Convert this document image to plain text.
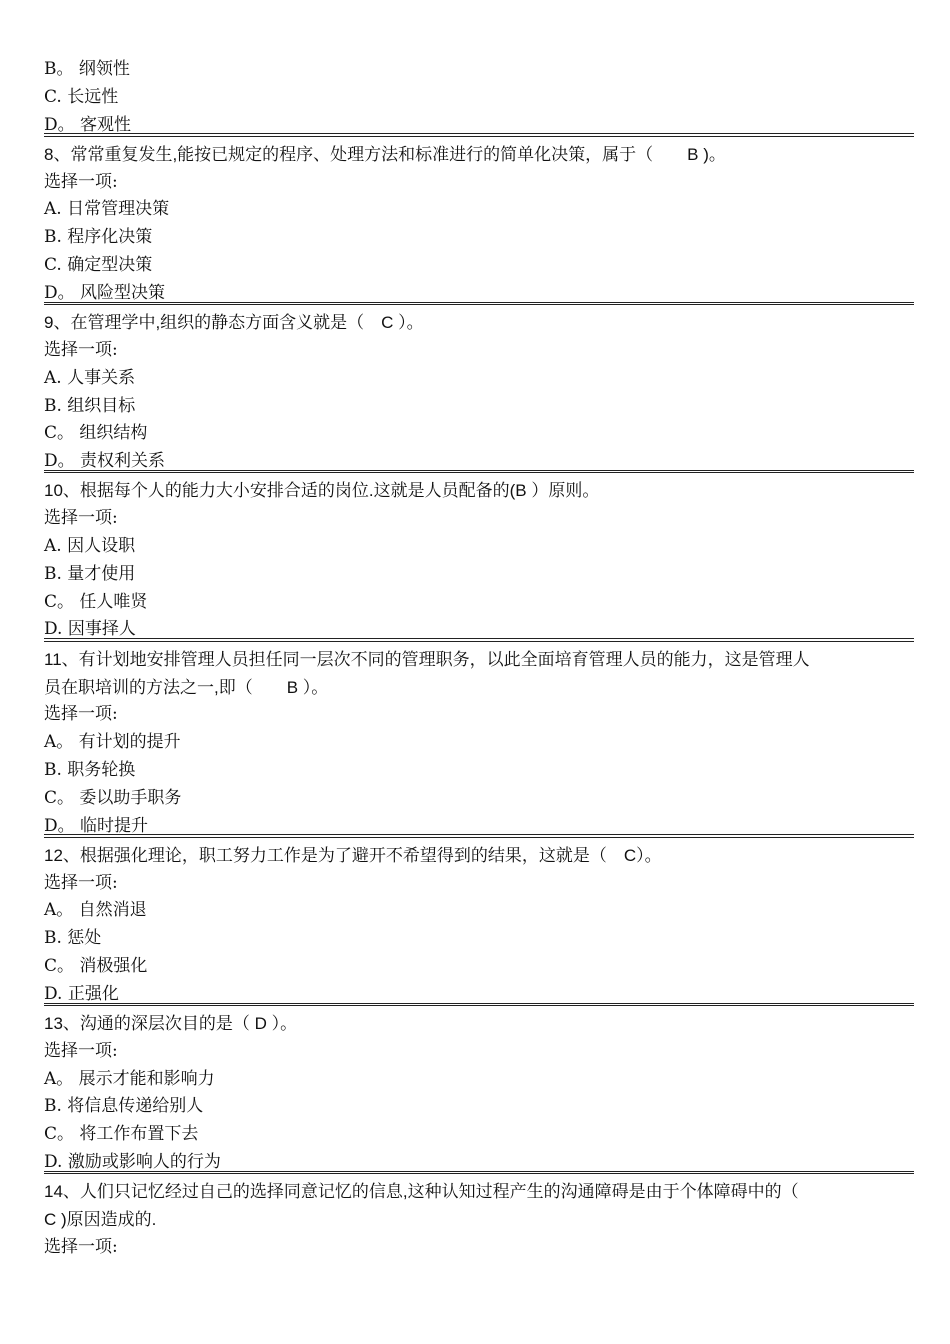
B。 纲领性
C. 长远性
D。 客观性
8、常常重复发生,能按已规定的程序、处理方法和标准进行的简单化决策，属于（　　B )。
选择一项:
A. 日常管理决策
B. 程序化决策
C. 确定型决策
D。 风险型决策
9、在管理学中,组织的静态方面含义就是（　C ）。
选择一项:
A. 人事关系
B. 组织目标
C。 组织结构
D。 责权利关系
10、根据每个人的能力大小安排合适的岗位.这就是人员配备的(B ）原则。
选择一项:
A. 因人设职
B. 量才使用
C。 任人唯贤
D. 因事择人
11、有计划地安排管理人员担任同一层次不同的管理职务，以此全面培育管理人员的能力，这是管理人
员在职培训的方法之一,即（　　B ）。
选择一项:
A。 有计划的提升
B. 职务轮换
C。 委以助手职务
D。 临时提升
12、根据强化理论，职工努力工作是为了避开不希望得到的结果，这就是（　C）。
选择一项:
A。 自然消退
B. 惩处
C。 消极强化
D. 正强化
13、沟通的深层次目的是（ D ）。
选择一项:
A。 展示才能和影响力
B. 将信息传递给别人
C。 将工作布置下去
D. 激励或影响人的行为
14、人们只记忆经过自己的选择同意记忆的信息,这种认知过程产生的沟通障碍是由于个体障碍中的（
C )原因造成的.
选择一项:
